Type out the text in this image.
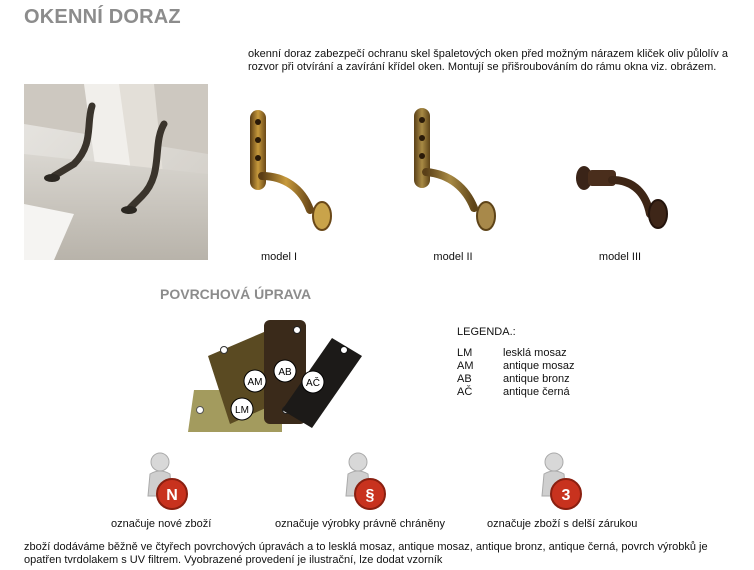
OKENNÍ DORAZ
okenní doraz zabezpečí ochranu skel špaletových oken před možným nárazem kliček oliv půlolív a rozvor při otvírání a zavírání křídel oken. Montují se přišroubováním do rámu okna viz. obrázem.
model I	model II	model III
POVRCHOVÁ ÚPRAVA
AM
AB
AČ
LM
LEGENDA.:
LM	lesklá mosaz
AM	antique mosaz
AB	antique bronz
AČ	antique černá
N	§	3
označuje nové zboží	označuje výrobky právně chráněny	označuje zboží s delší zárukou
zboží dodáváme běžně ve čtyřech povrchových úpravách a to lesklá mosaz, antique mosaz, antique bronz, antique černá, povrch výrobků je opatřen tvrdolakem s UV filtrem. Vyobrazené provedení je ilustrační, lze dodat vzorník
